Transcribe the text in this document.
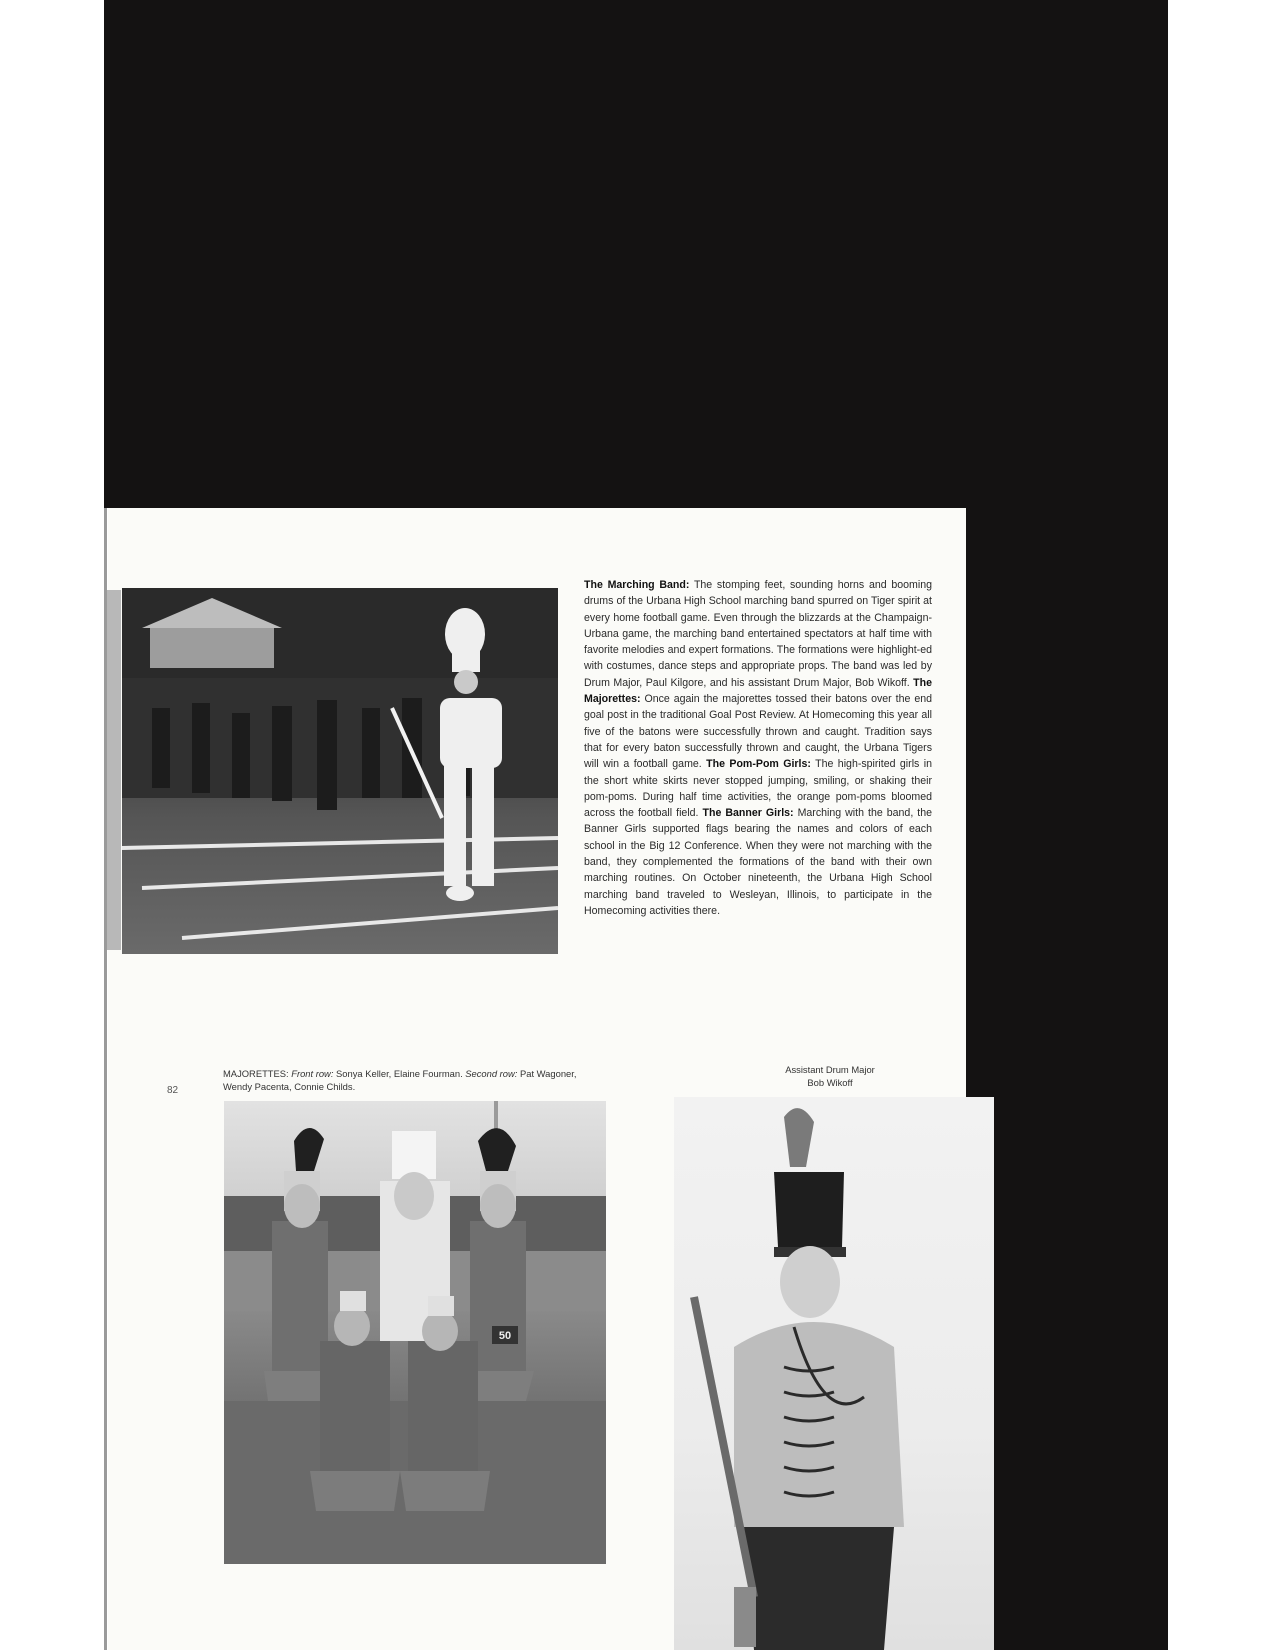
The Marching Band: The stomping feet, sounding horns and booming drums of the Urbana High School marching band spurred on Tiger spirit at every home football game. Even through the blizzards at the Champaign-Urbana game, the marching band entertained spectators at half time with favorite melodies and expert formations. The formations were highlight-ed with costumes, dance steps and appropriate props. The band was led by Drum Major, Paul Kilgore, and his assistant Drum Major, Bob Wikoff. The Majorettes: Once again the majorettes tossed their batons over the end goal post in the traditional Goal Post Review. At Homecoming this year all five of the batons were successfully thrown and caught. Tradition says that for every baton successfully thrown and caught, the Urbana Tigers will win a football game. The Pom-Pom Girls: The high-spirited girls in the short white skirts never stopped jumping, smiling, or shaking their pom-poms. During half time activities, the orange pom-poms bloomed across the football field. The Banner Girls: Marching with the band, the Banner Girls supported flags bearing the names and colors of each school in the Big 12 Conference. When they were not marching with the band, they complemented the formations of the band with their own marching routines. On October nineteenth, the Urbana High School marching band traveled to Wesleyan, Illinois, to participate in the Homecoming activities there.

MAJORETTES: Front row: Sonya Keller, Elaine Fourman. Second row: Pat Wagoner, Wendy Pacenta, Connie Childs.

82
Assistant Drum Major
Bob Wikoff
50
